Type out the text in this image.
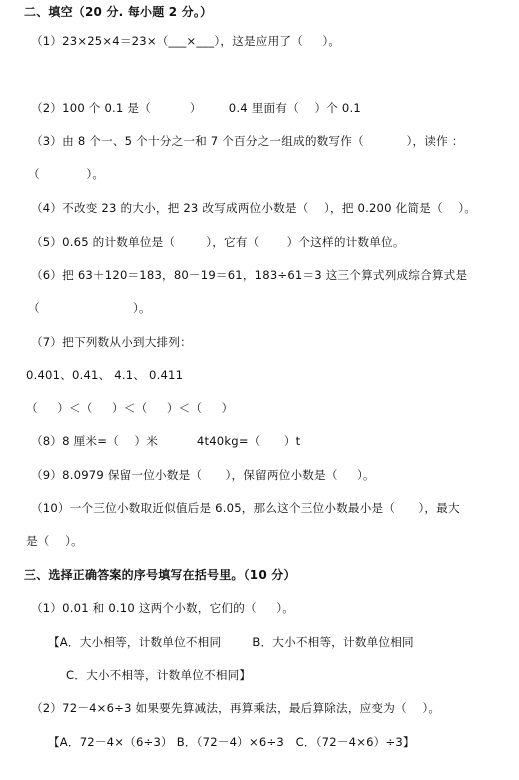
二、填空（20 分. 每小题 2 分。）
（1）23×25×4＝23×（___×___），这是应用了（     ）。
（2）100 个 0.1 是（          ）       0.4 里面有（    ）个 0.1
（3）由 8 个一、5 个十分之一和 7 个百分之一组成的数写作（           ），读作 ：
（            ）。
（4）不改变 23 的大小，把 23 改写成两位小数是（    ），把 0.200 化简是（    ）。
（5）0.65 的计数单位是（        ），它有（       ）个这样的计数单位。
（6）把 63＋120＝183，80－19＝61，183÷61＝3 这三个算式列成综合算式是
（                        ）。
（7）把下列数从小到大排列：
0.401、0.41、 4.1、 0.411
（     ）＜（     ）＜（     ）＜（     ）
（8）8 厘米=（    ）米          4t40kg=（      ）t
（9）8.0979 保留一位小数是（      ），保留两位小数是（     ）。
（10）一个三位小数取近似值后是 6.05，那么这个三位小数最小是（      ），最大
是（    ）。
三、选择正确答案的序号填写在括号里。（10 分）
（1）0.01 和 0.10 这两个小数，它们的（     ）。
【A．大小相等，计数单位不相同        B．大小不相等，计数单位相同
C．大小不相等，计数单位不相同】
（2）72－4×6÷3 如果要先算减法，再算乘法，最后算除法，应变为（    ）。
【A．72－4×（6÷3） B．（72－4）×6÷3   C．（72－4×6）÷3】
